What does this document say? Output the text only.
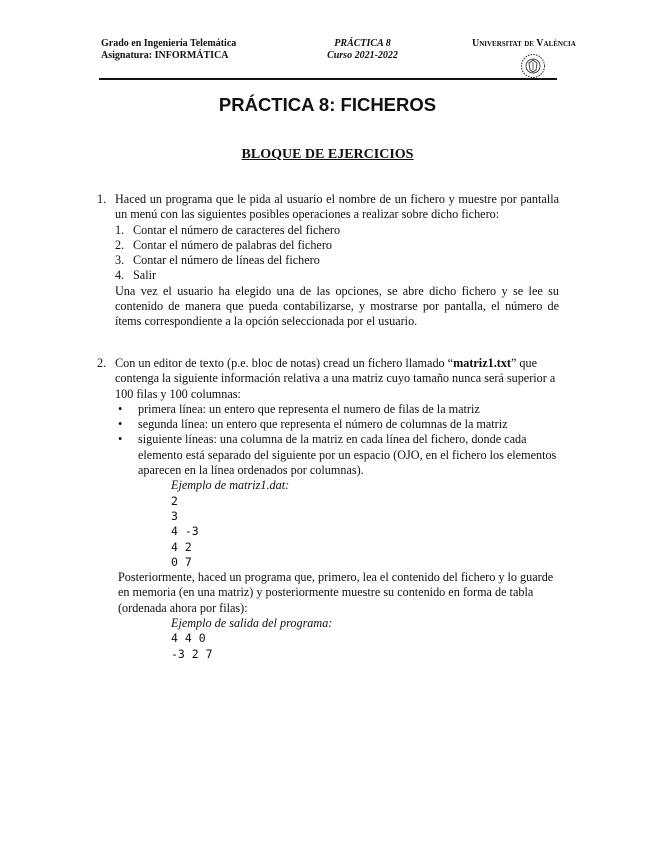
Grado en Ingeniería Telemática
Asignatura: INFORMÁTICA
PRÁCTICA 8
Curso 2021-2022
Universitat de València
PRÁCTICA 8: FICHEROS
BLOQUE DE EJERCICIOS
1. Haced un programa que le pida al usuario el nombre de un fichero y muestre por pantalla un menú con las siguientes posibles operaciones a realizar sobre dicho fichero:
1. Contar el número de caracteres del fichero
2. Contar el número de palabras del fichero
3. Contar el número de líneas del fichero
4. Salir
Una vez el usuario ha elegido una de las opciones, se abre dicho fichero y se lee su contenido de manera que pueda contabilizarse, y mostrarse por pantalla, el número de ítems correspondiente a la opción seleccionada por el usuario.
2. Con un editor de texto (p.e. bloc de notas) cread un fichero llamado “matriz1.txt” que contenga la siguiente información relativa a una matriz cuyo tamaño nunca será superior a 100 filas y 100 columnas:
• primera línea: un entero que representa el numero de filas de la matriz
• segunda línea: un entero que representa el número de columnas de la matriz
• siguiente líneas: una columna de la matriz en cada línea del fichero, donde cada elemento está separado del siguiente por un espacio (OJO, en el fichero los elementos aparecen en la línea ordenados por columnas).
Ejemplo de matriz1.dat:
2
3
4 -3
4 2
0 7
Posteriormente, haced un programa que, primero, lea el contenido del fichero y lo guarde en memoria (en una matriz) y posteriormente muestre su contenido en forma de tabla (ordenada ahora por filas):
Ejemplo de salida del programa:
4 4 0
-3 2 7
